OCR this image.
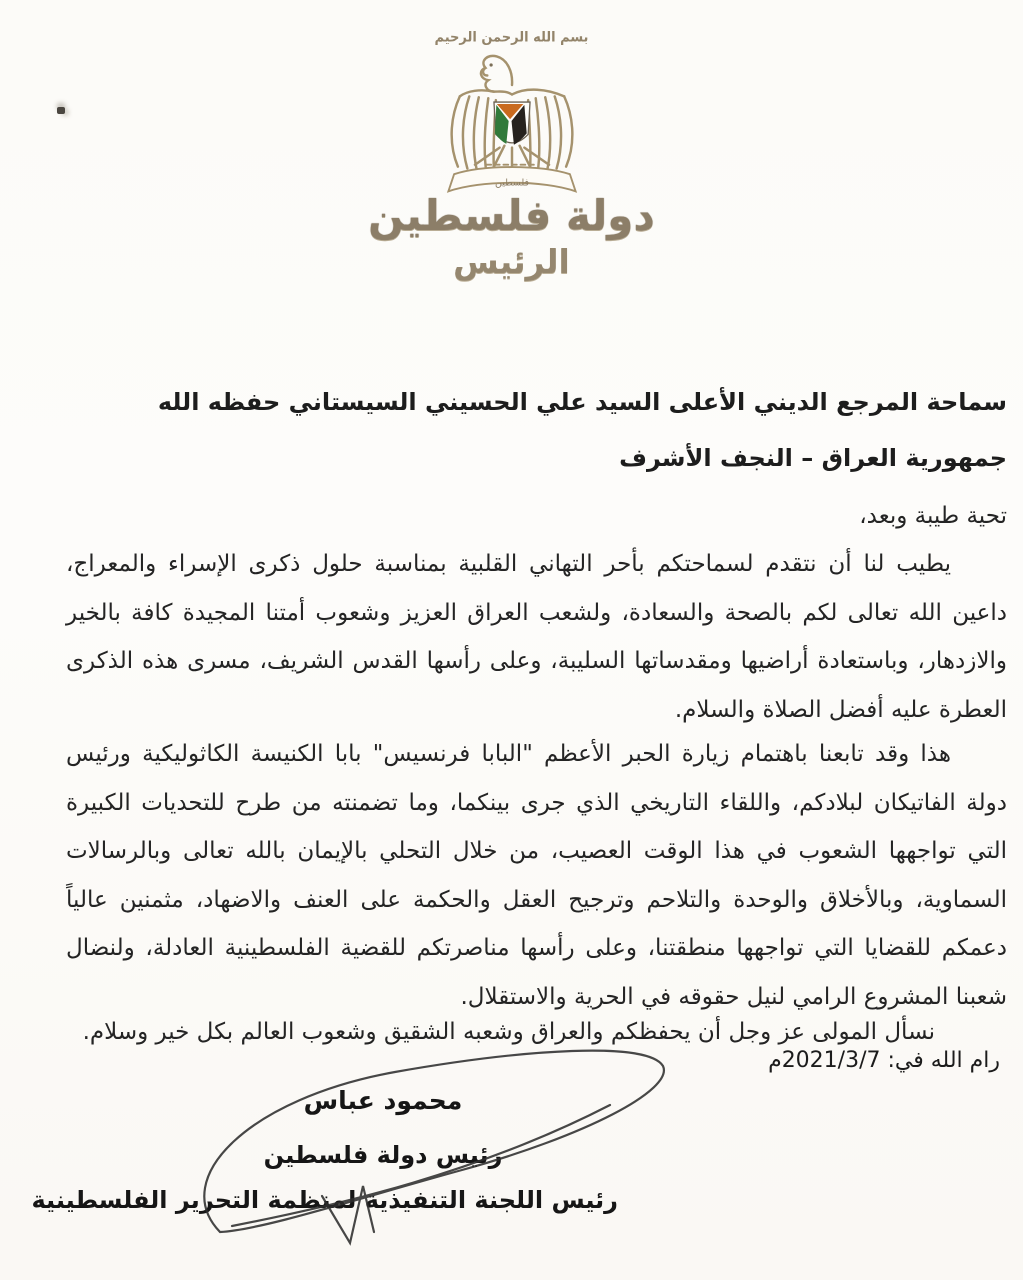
بسم الله الرحمن الرحيم
فلسطين
دولة فلسطين
الرئيس
سماحة المرجع الديني الأعلى السيد علي الحسيني السيستاني حفظه الله
جمهورية العراق – النجف الأشرف
تحية طيبة وبعد،

يطيب لنا أن نتقدم لسماحتكم بأحر التهاني القلبية بمناسبة حلول ذكرى الإسراء والمعراج، داعين الله تعالى لكم بالصحة والسعادة، ولشعب العراق العزيز وشعوب أمتنا المجيدة كافة بالخير والازدهار، وباستعادة أراضيها ومقدساتها السليبة، وعلى رأسها القدس الشريف، مسرى هذه الذكرى العطرة عليه أفضل الصلاة والسلام.

هذا وقد تابعنا باهتمام زيارة الحبر الأعظم "البابا فرنسيس" بابا الكنيسة الكاثوليكية ورئيس دولة الفاتيكان لبلادكم، واللقاء التاريخي الذي جرى بينكما، وما تضمنته من طرح للتحديات الكبيرة التي تواجهها الشعوب في هذا الوقت العصيب، من خلال التحلي بالإيمان بالله تعالى وبالرسالات السماوية، وبالأخلاق والوحدة والتلاحم وترجيح العقل والحكمة على العنف والاضهاد، مثمنين عالياً دعمكم للقضايا التي تواجهها منطقتنا، وعلى رأسها مناصرتكم للقضية الفلسطينية العادلة، ولنضال شعبنا المشروع الرامي لنيل حقوقه في الحرية والاستقلال.

نسأل المولى عز وجل أن يحفظكم والعراق وشعبه الشقيق وشعوب العالم بكل خير وسلام.

رام الله في: 2021/3/7م
محمود عباس
رئيس دولة فلسطين
رئيس اللجنة التنفيذية لمنظمة التحرير الفلسطينية
